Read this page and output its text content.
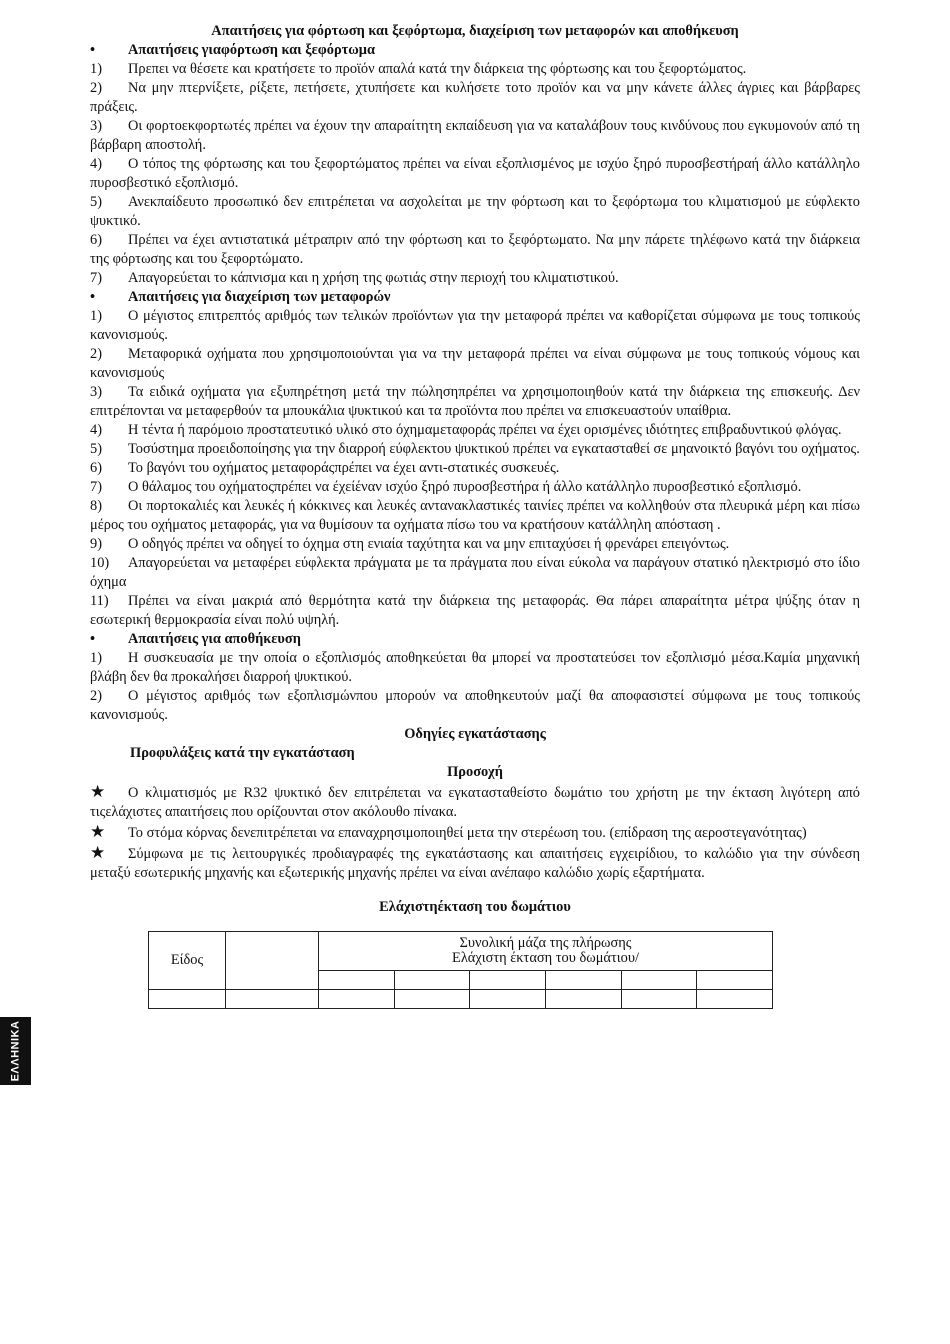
Απαιτήσεις για φόρτωση και ξεφόρτωμα, διαχείριση των μεταφορών και αποθήκευση

• Απαιτήσεις γιαφόρτωση και ξεφόρτωμα

1) Πρεπει να θέσετε και κρατήσετε το προϊόν απαλά κατά την διάρκεια της φόρτωσης και του ξεφορτώματος.

2) Να μην πτερνίξετε, ρίξετε, πετήσετε, χτυπήσετε και κυλήσετε τοτο προϊόν και να μην κάνετε άλλες άγριες και βάρβαρες πράξεις.

3) Οι φορτοεκφορτωτές πρέπει να έχουν την απαραίτητη εκπαίδευση για να καταλάβουν τους κινδύνους που εγκυμονούν από τη βάρβαρη αποστολή.

4) Ο τόπος της φόρτωσης και του ξεφορτώματος πρέπει να είναι εξοπλισμένος με ισχύο ξηρό πυροσβεστήραή άλλο κατάλληλο πυροσβεστικό εξοπλισμό.

5) Ανεκπαίδευτο προσωπικό δεν επιτρέπεται να ασχολείται με την φόρτωση και το ξεφόρτωμα του κλιματισμού με εύφλεκτο ψυκτικό.

6) Πρέπει να έχει αντιστατικά μέτραπριν από την φόρτωση και το ξεφόρτωματο. Να μην πάρετε τηλέφωνο κατά την διάρκεια της φόρτωσης και του ξεφορτώματο.

7) Απαγορεύεται το κάπνισμα και η χρήση της φωτιάς στην περιοχή του κλιματιστικού.

• Απαιτήσεις για διαχείριση των μεταφορών

1) Ο μέγιστος επιτρεπτός αριθμός των τελικών προϊόντων για την μεταφορά πρέπει να καθορίζεται σύμφωνα με τους τοπικούς κανονισμούς.

2) Μεταφορικά οχήματα που χρησιμοποιούνται για να την μεταφορά πρέπει να είναι σύμφωνα με τους τοπικούς νόμους και κανονισμούς

3) Τα ειδικά οχήματα για εξυπηρέτηση μετά την πώλησηπρέπει να χρησιμοποιηθούν κατά την διάρκεια της επισκευής. Δεν επιτρέπονται να μεταφερθούν τα μπουκάλια ψυκτικού και τα προϊόντα που πρέπει να επισκευαστούν υπαίθρια.

4) Η τέντα ή παρόμοιο προστατευτικό υλικό στο όχημαμεταφοράς πρέπει να έχει ορισμένες ιδιότητες επιβραδυντικού φλόγας.

5) Τοσύστημα προειδοποίησης για την διαρροή εύφλεκτου ψυκτικού πρέπει να εγκατασταθεί σε μηανοικτό βαγόνι του οχήματος.

6) Το βαγόνι του οχήματος μεταφοράςπρέπει να έχει αντι-στατικές συσκευές.

7) Ο θάλαμος του οχήματοςπρέπει να έχείέναν ισχύο ξηρό πυροσβεστήρα ή άλλο κατάλληλο πυροσβεστικό εξοπλισμό.

8) Οι πορτοκαλιές και λευκές ή κόκκινες και λευκές αντανακλαστικές ταινίες πρέπει να κολληθούν στα πλευρικά μέρη και πίσω μέρος του οχήματος μεταφοράς, για να θυμίσουν τα οχήματα πίσω του να κρατήσουν κατάλληλη απόσταση .

9) Ο οδηγός πρέπει να οδηγεί το όχημα στη ενιαία ταχύτητα και να μην επιταχύσει ή φρενάρει επειγόντως.

10) Απαγορεύεται να μεταφέρει εύφλεκτα πράγματα με τα πράγματα που είναι εύκολα να παράγουν στατικό ηλεκτρισμό στο ίδιο όχημα

11) Πρέπει να είναι μακριά από θερμότητα κατά την διάρκεια της μεταφοράς. Θα πάρει απαραίτητα μέτρα ψύξης όταν η εσωτερική θερμοκρασία είναι πολύ υψηλή.

• Απαιτήσεις για αποθήκευση

1) Η συσκευασία με την οποία ο εξοπλισμός αποθηκεύεται θα μπορεί να προστατεύσει τον εξοπλισμό μέσα.Καμία μηχανική βλάβη δεν θα προκαλήσει διαρροή ψυκτικού.

2) Ο μέγιστος αριθμός των εξοπλισμώνπου μπορούν να αποθηκευτούν μαζί θα αποφασιστεί σύμφωνα με τους τοπικούς κανονισμούς.

Οδηγίες εγκατάστασης

Προφυλάξεις κατά την εγκατάσταση

Προσοχή

★ Ο κλιματισμός με R32 ψυκτικό δεν επιτρέπεται να εγκατασταθείστο δωμάτιο του χρήστη με την έκταση λιγότερη από τιςελάχιστες απαιτήσεις που ορίζουνται στον ακόλουθο πίνακα.

★ Το στόμα κόρνας δενεπιτρέπεται να επαναχρησιμοποιηθεί μετα την στερέωση του. (επίδραση της αεροστεγανότητας)

★ Σύμφωνα με τις λειτουργικές προδιαγραφές της εγκατάστασης και απαιτήσεις εγχειρίδιου, το καλώδιο για την σύνδεση μεταξύ εσωτερικής μηχανής και εξωτερικής μηχανής πρέπει να είναι ανέπαφο καλώδιο χωρίς εξαρτήματα.

Ελάχιστηέκταση του δωμάτιου

Είδος		Συνολική μάζα της πλήρωσης
Ελάχιστη έκταση του δωμάτιου/					

ΕΛΛΗΝΙΚΑ
